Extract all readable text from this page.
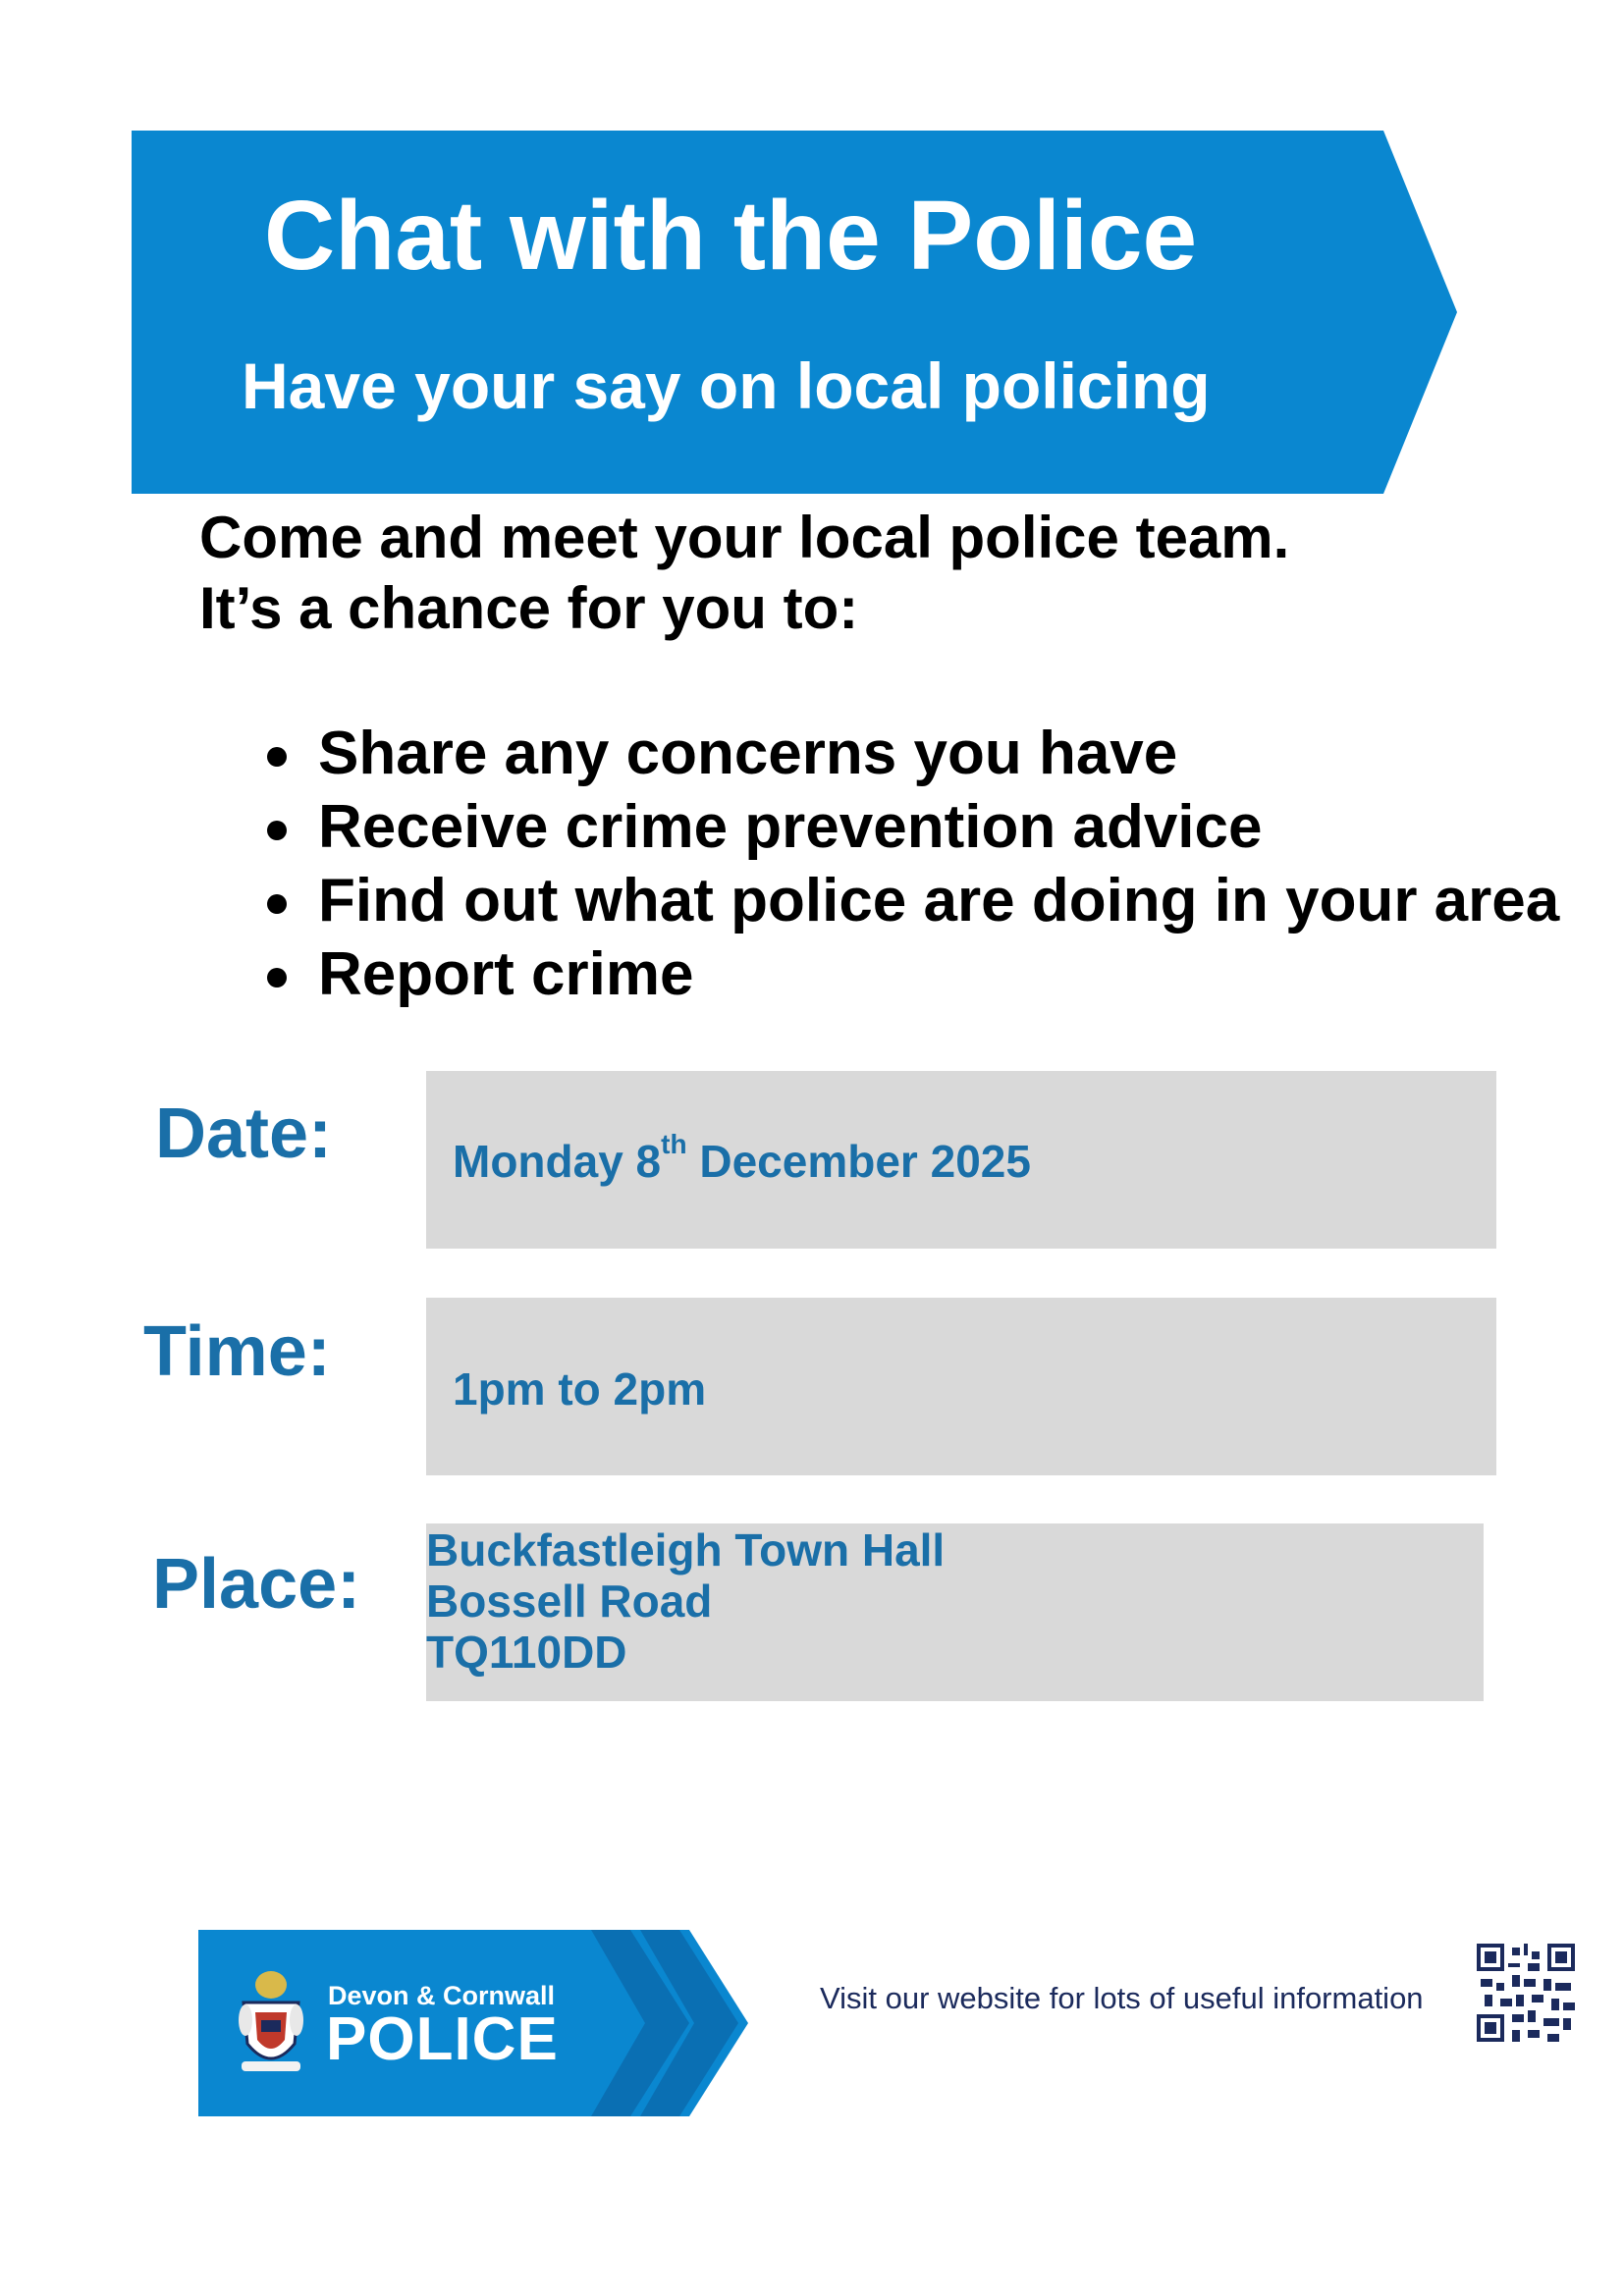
Chat with the Police
Have your say on local policing
Come and meet your local police team.
It’s a chance for you to:
Share any concerns you have
Receive crime prevention advice
Find out what police are doing in your area
Report crime
Date:	Monday 8th December 2025
Time:	1pm to 2pm
Place: Buckfastleigh Town Hall
Bossell Road
TQ110DD
Devon & Cornwall
POLICE
Visit our website for lots of useful information
